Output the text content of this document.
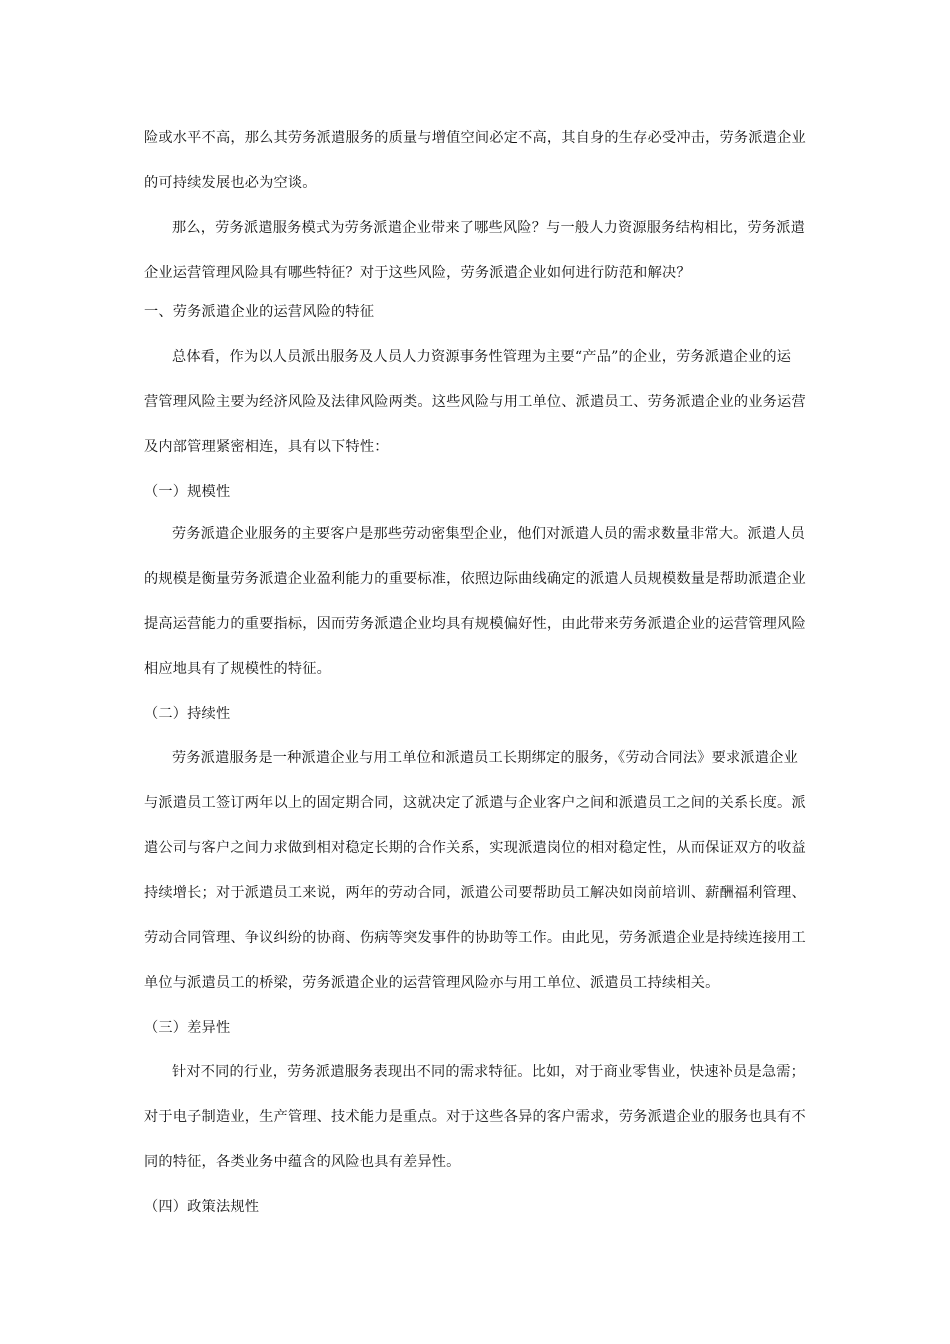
险或水平不高，那么其劳务派遣服务的质量与增值空间必定不高，其自身的生存必受冲击，劳务派遣企业
的可持续发展也必为空谈。
那么，劳务派遣服务模式为劳务派遣企业带来了哪些风险？与一般人力资源服务结构相比，劳务派遣
企业运营管理风险具有哪些特征？对于这些风险，劳务派遣企业如何进行防范和解决？
一、劳务派遣企业的运营风险的特征
总体看，作为以人员派出服务及人员人力资源事务性管理为主要“产品”的企业，劳务派遣企业的运
营管理风险主要为经济风险及法律风险两类。这些风险与用工单位、派遣员工、劳务派遣企业的业务运营
及内部管理紧密相连，具有以下特性：
（一）规模性
劳务派遣企业服务的主要客户是那些劳动密集型企业，他们对派遣人员的需求数量非常大。派遣人员
的规模是衡量劳务派遣企业盈利能力的重要标准，依照边际曲线确定的派遣人员规模数量是帮助派遣企业
提高运营能力的重要指标，因而劳务派遣企业均具有规模偏好性，由此带来劳务派遣企业的运营管理风险
相应地具有了规模性的特征。
（二）持续性
劳务派遣服务是一种派遣企业与用工单位和派遣员工长期绑定的服务，《劳动合同法》要求派遣企业
与派遣员工签订两年以上的固定期合同，这就决定了派遣与企业客户之间和派遣员工之间的关系长度。派
遣公司与客户之间力求做到相对稳定长期的合作关系，实现派遣岗位的相对稳定性，从而保证双方的收益
持续增长；对于派遣员工来说，两年的劳动合同，派遣公司要帮助员工解决如岗前培训、薪酬福利管理、
劳动合同管理、争议纠纷的协商、伤病等突发事件的协助等工作。由此见，劳务派遣企业是持续连接用工
单位与派遣员工的桥梁，劳务派遣企业的运营管理风险亦与用工单位、派遣员工持续相关。
（三）差异性
针对不同的行业，劳务派遣服务表现出不同的需求特征。比如，对于商业零售业，快速补员是急需；
对于电子制造业，生产管理、技术能力是重点。对于这些各异的客户需求，劳务派遣企业的服务也具有不
同的特征，各类业务中蕴含的风险也具有差异性。
（四）政策法规性
